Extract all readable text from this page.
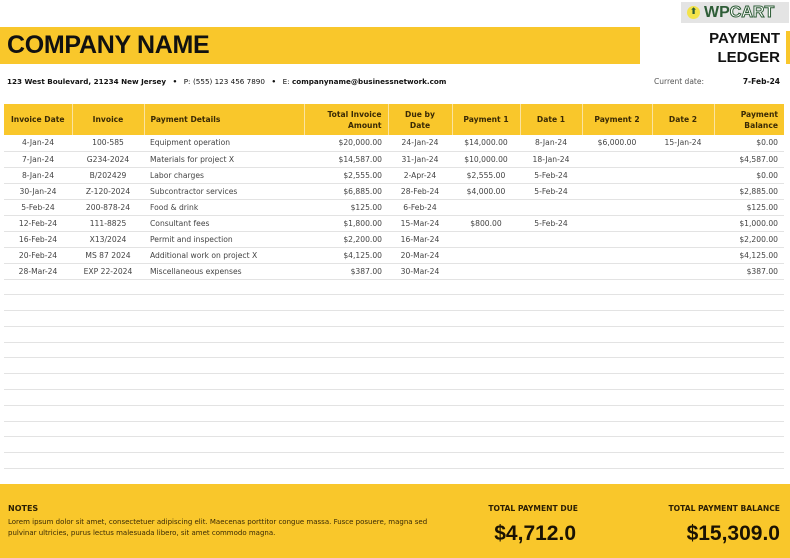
⬆ WP CART
COMPANY NAME	PAYMENT
LEDGER
123 West Boulevard, 21234 New Jersey • P: (555) 123 456 7890 • E: companyname@businessnetwork.com	Current date:	7-Feb-24
Invoice Date	Invoice	Payment Details	Total Invoice Amount	Due by Date	Payment 1	Date 1	Payment 2	Date 2	Payment Balance
4-Jan-24	100-585	Equipment operation	$20,000.00	24-Jan-24	$14,000.00	8-Jan-24	$6,000.00	15-Jan-24	$0.00
7-Jan-24	G234-2024	Materials for project X	$14,587.00	31-Jan-24	$10,000.00	18-Jan-24			$4,587.00
8-Jan-24	B/202429	Labor charges	$2,555.00	2-Apr-24	$2,555.00	5-Feb-24			$0.00
30-Jan-24	Z-120-2024	Subcontractor services	$6,885.00	28-Feb-24	$4,000.00	5-Feb-24			$2,885.00
5-Feb-24	200-878-24	Food & drink	$125.00	6-Feb-24					$125.00
12-Feb-24	111-8825	Consultant fees	$1,800.00	15-Mar-24	$800.00	5-Feb-24			$1,000.00
16-Feb-24	X13/2024	Permit and inspection	$2,200.00	16-Mar-24					$2,200.00
20-Feb-24	MS 87 2024	Additional work on project X	$4,125.00	20-Mar-24					$4,125.00
28-Mar-24	EXP 22-2024	Miscellaneous expenses	$387.00	30-Mar-24					$387.00

NOTES
Lorem ipsum dolor sit amet, consectetuer adipiscing elit. Maecenas porttitor congue massa. Fusce posuere, magna sed pulvinar ultricies, purus lectus malesuada libero, sit amet commodo magna.
TOTAL PAYMENT DUE
$4,712.0
TOTAL PAYMENT BALANCE
$15,309.0
